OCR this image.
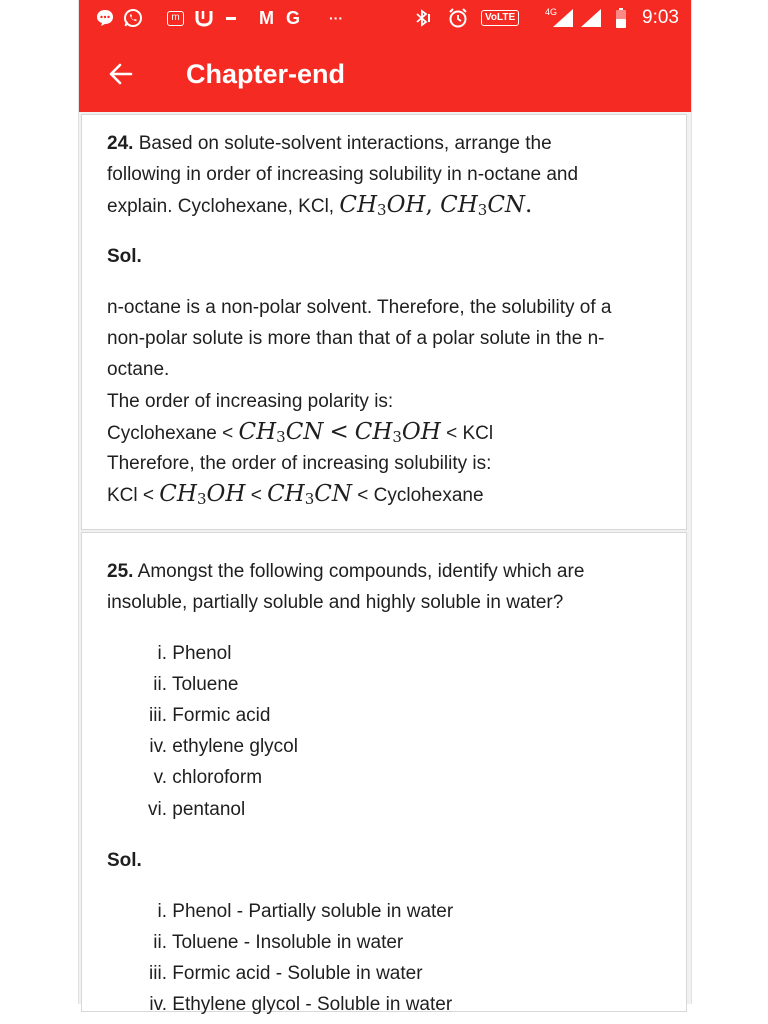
m	M G ···	VoLTE	4G	9:03
Chapter-end
24. Based on solute-solvent interactions, arrange the
following in order of increasing solubility in n-octane and
explain. Cyclohexane, KCl, $CH_3OH$, $CH_3CN$.
Sol.
n-octane is a non-polar solvent. Therefore, the solubility of a
non-polar solute is more than that of a polar solute in the n-
octane.
The order of increasing polarity is:
Cyclohexane < $CH_3CN < CH_3OH$ < KCl
Therefore, the order of increasing solubility is:
KCl < $CH_3OH < CH_3CN$ < Cyclohexane
25. Amongst the following compounds, identify which are
insoluble, partially soluble and highly soluble in water?
i. Phenol
ii. Toluene
iii. Formic acid
iv. ethylene glycol
v. chloroform
vi. pentanol
Sol.
i. Phenol - Partially soluble in water
ii. Toluene - Insoluble in water
iii. Formic acid - Soluble in water
iv. Ethylene glycol - Soluble in water
